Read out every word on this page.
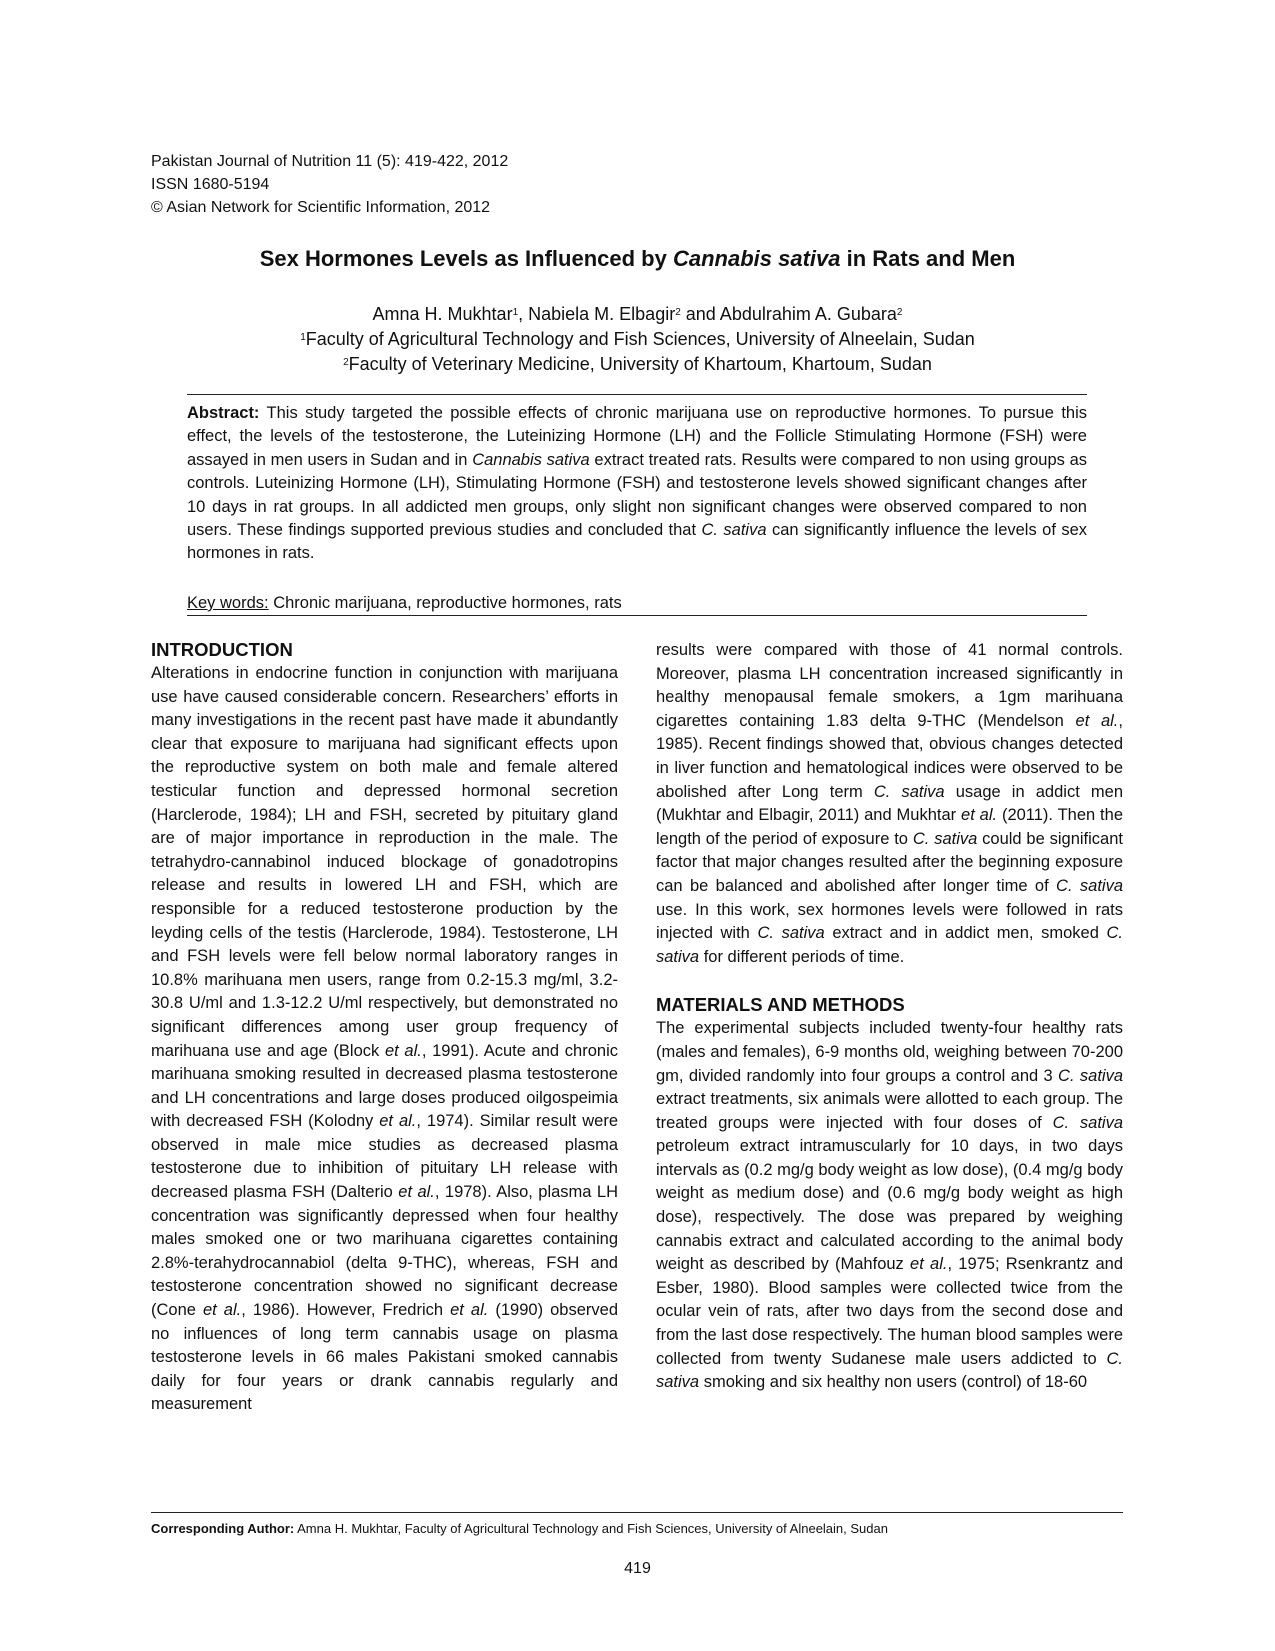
Pakistan Journal of Nutrition 11 (5): 419-422, 2012
ISSN 1680-5194
© Asian Network for Scientific Information, 2012
Sex Hormones Levels as Influenced by Cannabis sativa in Rats and Men
Amna H. Mukhtar$^1$, Nabiela M. Elbagir$^2$ and Abdulrahim A. Gubara$^2$
$^1$Faculty of Agricultural Technology and Fish Sciences, University of Alneelain, Sudan
$^2$Faculty of Veterinary Medicine, University of Khartoum, Khartoum, Sudan
Abstract: This study targeted the possible effects of chronic marijuana use on reproductive hormones. To pursue this effect, the levels of the testosterone, the Luteinizing Hormone (LH) and the Follicle Stimulating Hormone (FSH) were assayed in men users in Sudan and in Cannabis sativa extract treated rats. Results were compared to non using groups as controls. Luteinizing Hormone (LH), Stimulating Hormone (FSH) and testosterone levels showed significant changes after 10 days in rat groups. In all addicted men groups, only slight non significant changes were observed compared to non users. These findings supported previous studies and concluded that C. sativa can significantly influence the levels of sex hormones in rats.
Key words: Chronic marijuana, reproductive hormones, rats
INTRODUCTION

Alterations in endocrine function in conjunction with marijuana use have caused considerable concern. Researchers’ efforts in many investigations in the recent past have made it abundantly clear that exposure to marijuana had significant effects upon the reproductive system on both male and female altered testicular function and depressed hormonal secretion (Harclerode, 1984); LH and FSH, secreted by pituitary gland are of major importance in reproduction in the male. The tetrahydro-cannabinol induced blockage of gonadotropins release and results in lowered LH and FSH, which are responsible for a reduced testosterone production by the leyding cells of the testis (Harclerode, 1984). Testosterone, LH and FSH levels were fell below normal laboratory ranges in 10.8% marihuana men users, range from 0.2-15.3 mg/ml, 3.2-30.8 U/ml and 1.3-12.2 U/ml respectively, but demonstrated no significant differences among user group frequency of marihuana use and age (Block et al., 1991). Acute and chronic marihuana smoking resulted in decreased plasma testosterone and LH concentrations and large doses produced oilgospeimia with decreased FSH (Kolodny et al., 1974). Similar result were observed in male mice studies as decreased plasma testosterone due to inhibition of pituitary LH release with decreased plasma FSH (Dalterio et al., 1978). Also, plasma LH concentration was significantly depressed when four healthy males smoked one or two marihuana cigarettes containing 2.8%-terahydrocannabiol (delta 9-THC), whereas, FSH and testosterone concentration showed no significant decrease (Cone et al., 1986). However, Fredrich et al. (1990) observed no influences of long term cannabis usage on plasma testosterone levels in 66 males Pakistani smoked cannabis daily for four years or drank cannabis regularly and measurement

results were compared with those of 41 normal controls. Moreover, plasma LH concentration increased significantly in healthy menopausal female smokers, a 1gm marihuana cigarettes containing 1.83 delta 9-THC (Mendelson et al., 1985). Recent findings showed that, obvious changes detected in liver function and hematological indices were observed to be abolished after Long term C. sativa usage in addict men (Mukhtar and Elbagir, 2011) and Mukhtar et al. (2011). Then the length of the period of exposure to C. sativa could be significant factor that major changes resulted after the beginning exposure can be balanced and abolished after longer time of C. sativa use. In this work, sex hormones levels were followed in rats injected with C. sativa extract and in addict men, smoked C. sativa for different periods of time.

MATERIALS AND METHODS

The experimental subjects included twenty-four healthy rats (males and females), 6-9 months old, weighing between 70-200 gm, divided randomly into four groups a control and 3 C. sativa extract treatments, six animals were allotted to each group. The treated groups were injected with four doses of C. sativa petroleum extract intramuscularly for 10 days, in two days intervals as (0.2 mg/g body weight as low dose), (0.4 mg/g body weight as medium dose) and (0.6 mg/g body weight as high dose), respectively. The dose was prepared by weighing cannabis extract and calculated according to the animal body weight as described by (Mahfouz et al., 1975; Rsenkrantz and Esber, 1980). Blood samples were collected twice from the ocular vein of rats, after two days from the second dose and from the last dose respectively. The human blood samples were collected from twenty Sudanese male users addicted to C. sativa smoking and six healthy non users (control) of 18-60

Corresponding Author: Amna H. Mukhtar, Faculty of Agricultural Technology and Fish Sciences, University of Alneelain, Sudan
419
